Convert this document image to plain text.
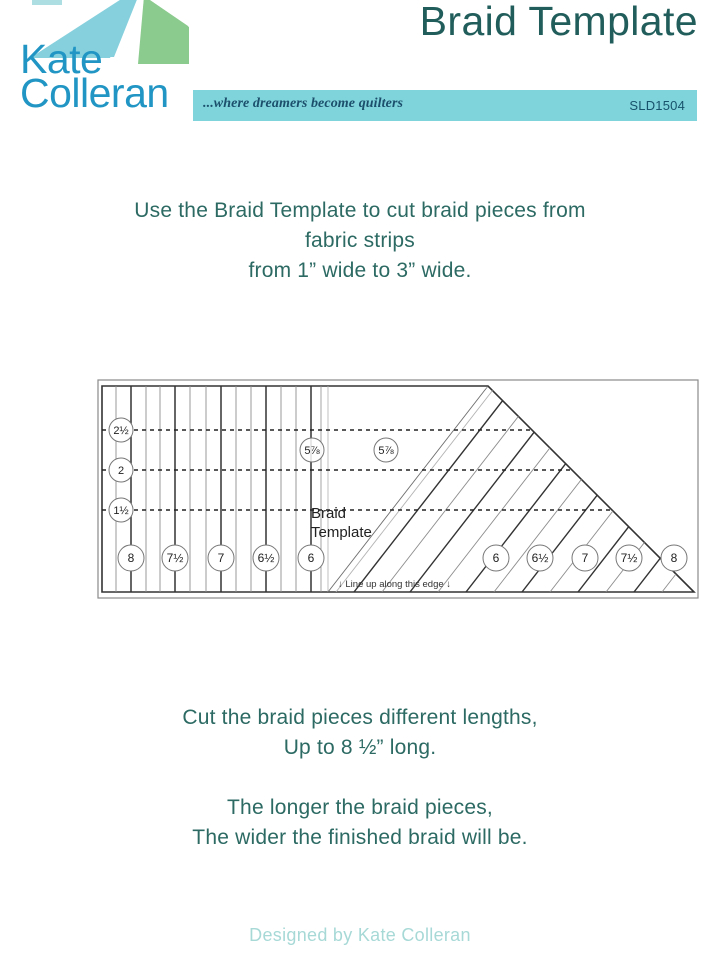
Kate
Colleran
Braid Template
...where dreamers become quilters	SLD1504
Use the Braid Template to cut braid pieces from
fabric strips
from 1” wide to 3” wide.
2½
2
1½
5⅞	5⅞
8	7½	7	6½	6	6	6½	7	7½	8
Braid
Template
↓ Line up along this edge ↓
Cut the braid pieces different lengths,
Up to 8 ½” long.
The longer the braid pieces,
The wider the finished braid will be.
Designed by Kate Colleran
